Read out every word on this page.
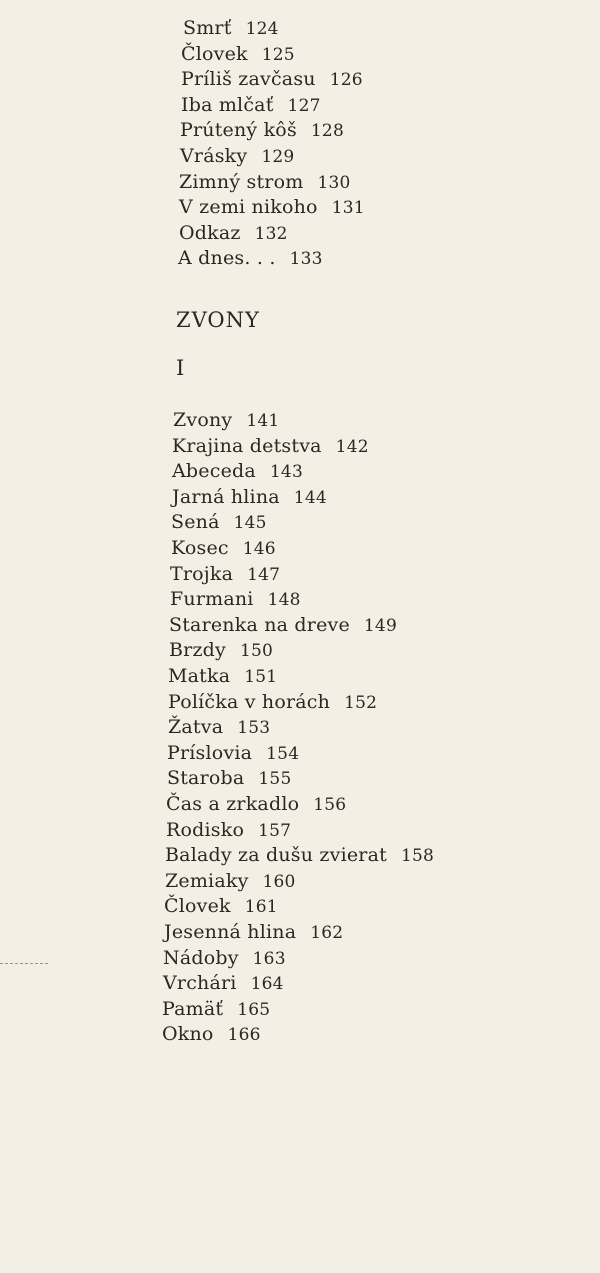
ZVONY
I
Smrť 124
Človek 125
Príliš zavčasu 126
Iba mlčať 127
Prútený kôš 128
Vrásky 129
Zimný strom 130
V zemi nikoho 131
Odkaz 132
A dnes. . . 133
Zvony 141
Krajina detstva 142
Abeceda 143
Jarná hlina 144
Sená 145
Kosec 146
Trojka 147
Furmani 148
Starenka na dreve 149
Brzdy 150
Matka 151
Políčka v horách 152
Žatva 153
Príslovia 154
Staroba 155
Čas a zrkadlo 156
Rodisko 157
Balady za dušu zvierat 158
Zemiaky 160
Človek 161
Jesenná hlina 162
Nádoby 163
Vrchári 164
Pamäť 165
Okno 166
